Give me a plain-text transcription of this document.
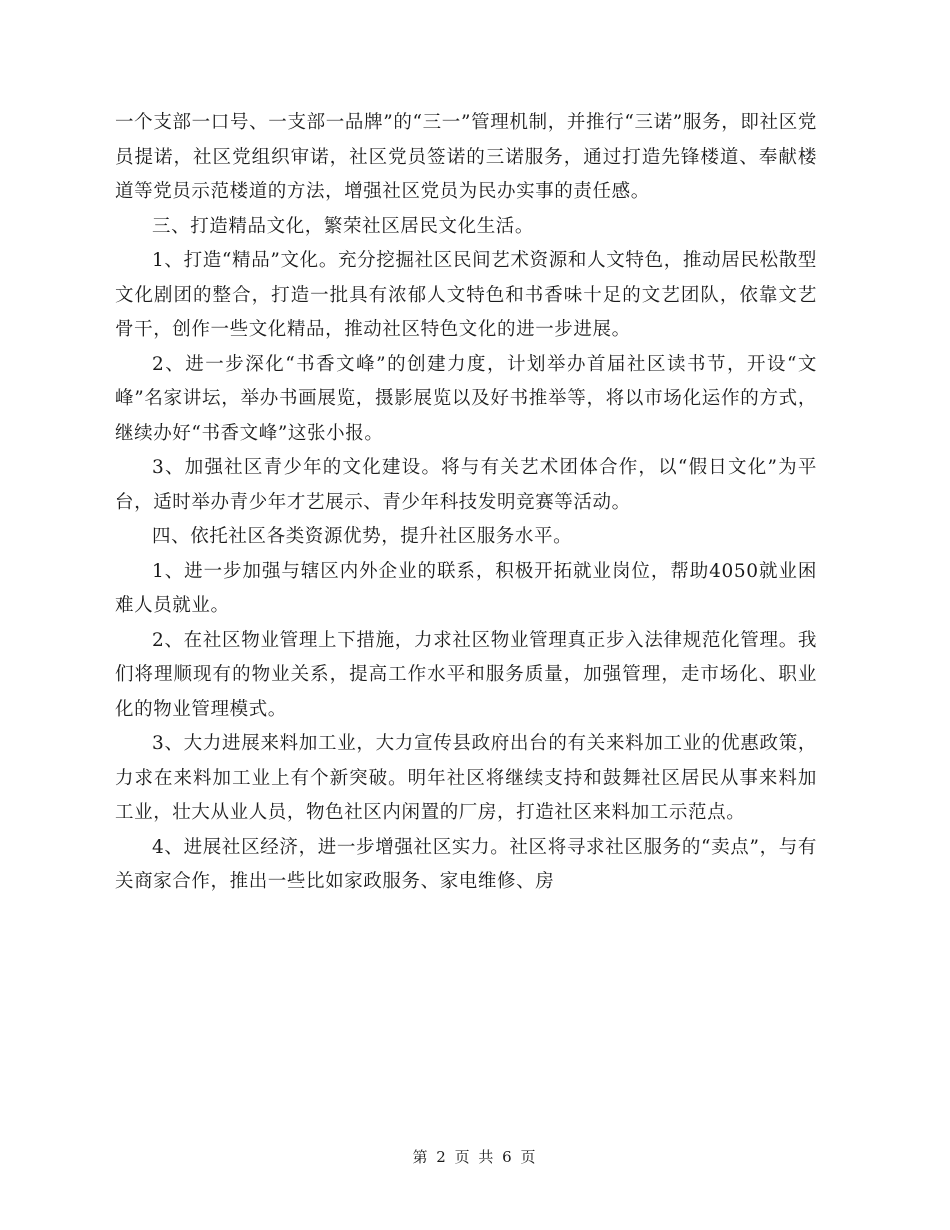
一个支部一口号、一支部一品牌”的“三一”管理机制，并推行“三诺”服务，即社区党员提诺，社区党组织审诺，社区党员签诺的三诺服务，通过打造先锋楼道、奉献楼道等党员示范楼道的方法，增强社区党员为民办实事的责任感。

三、打造精品文化，繁荣社区居民文化生活。

1、打造“精品”文化。充分挖掘社区民间艺术资源和人文特色，推动居民松散型文化剧团的整合，打造一批具有浓郁人文特色和书香味十足的文艺团队，依靠文艺骨干，创作一些文化精品，推动社区特色文化的进一步进展。

2、进一步深化“书香文峰”的创建力度，计划举办首届社区读书节，开设“文峰”名家讲坛，举办书画展览，摄影展览以及好书推举等，将以市场化运作的方式，继续办好“书香文峰”这张小报。

3、加强社区青少年的文化建设。将与有关艺术团体合作，以“假日文化”为平台，适时举办青少年才艺展示、青少年科技发明竞赛等活动。

四、依托社区各类资源优势，提升社区服务水平。

1、进一步加强与辖区内外企业的联系，积极开拓就业岗位，帮助4050就业困难人员就业。

2、在社区物业管理上下措施，力求社区物业管理真正步入法律规范化管理。我们将理顺现有的物业关系，提高工作水平和服务质量，加强管理，走市场化、职业化的物业管理模式。

3、大力进展来料加工业，大力宣传县政府出台的有关来料加工业的优惠政策，力求在来料加工业上有个新突破。明年社区将继续支持和鼓舞社区居民从事来料加工业，壮大从业人员，物色社区内闲置的厂房，打造社区来料加工示范点。

4、进展社区经济，进一步增强社区实力。社区将寻求社区服务的“卖点”，与有关商家合作，推出一些比如家政服务、家电维修、房

第 2 页 共 6 页
